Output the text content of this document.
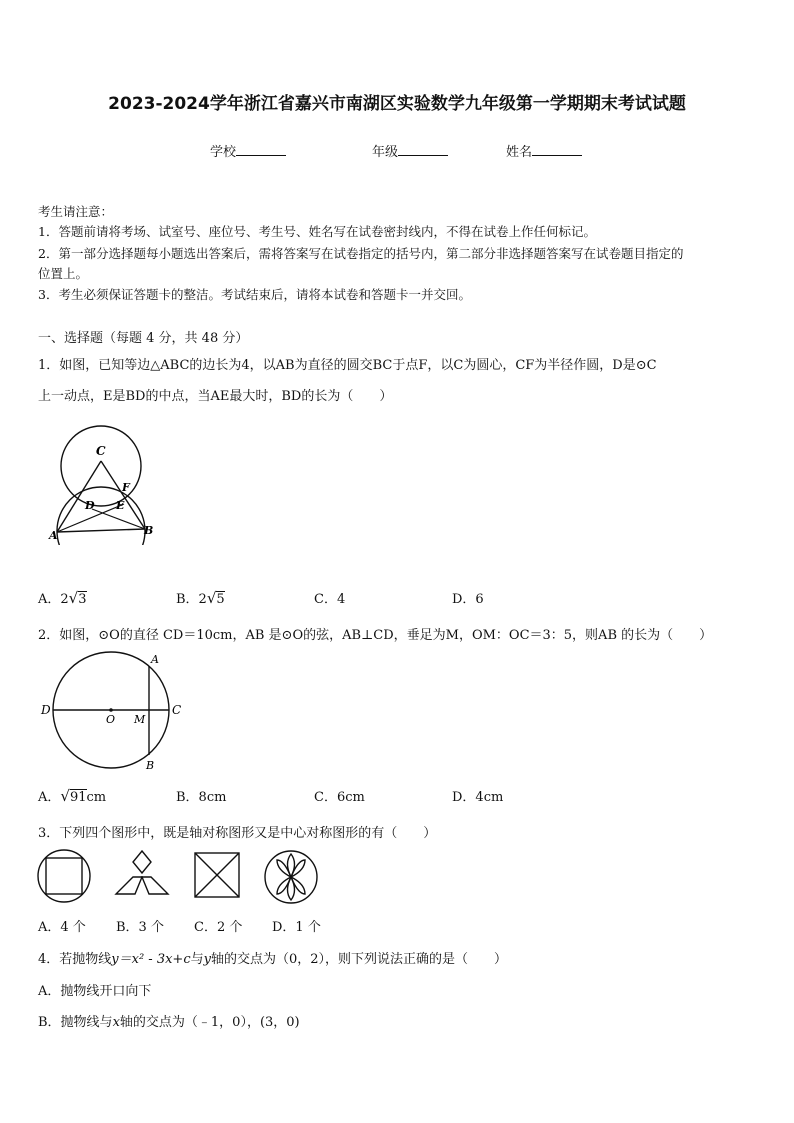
2023-2024学年浙江省嘉兴市南湖区实验数学九年级第一学期期末考试试题
学校	年级	姓名
考生请注意：
1．答题前请将考场、试室号、座位号、考生号、姓名写在试卷密封线内，不得在试卷上作任何标记。
2．第一部分选择题每小题选出答案后，需将答案写在试卷指定的括号内，第二部分非选择题答案写在试卷题目指定的
位置上。
3．考生必须保证答题卡的整洁。考试结束后，请将本试卷和答题卡一并交回。
一、选择题（每题 4 分，共 48 分）
1．如图，已知等边△ABC的边长为4，以AB为直径的圆交BC于点F，以C为圆心，CF为半径作圆，D是⊙C
上一动点，E是BD的中点，当AE最大时，BD的长为（　　）
C
F
D E
A	B
A．2√3	B．2√5	C．4	D．6
2．如图，⊙O的直径 CD＝10cm，AB 是⊙O的弦，AB⊥CD，垂足为M，OM：OC＝3：5，则AB 的长为（　　）
A
D
O M
C
B
A．√91cm	B．8cm	C．6cm	D．4cm
3．下列四个图形中，既是轴对称图形又是中心对称图形的有（　　）
A．4 个 B．3 个 C．2 个 D．1 个
4．若抛物线y＝x² - 3x+c与y轴的交点为（0，2），则下列说法正确的是（　　）
A．抛物线开口向下
B．抛物线与x轴的交点为（﹣1，0），(3，0)
